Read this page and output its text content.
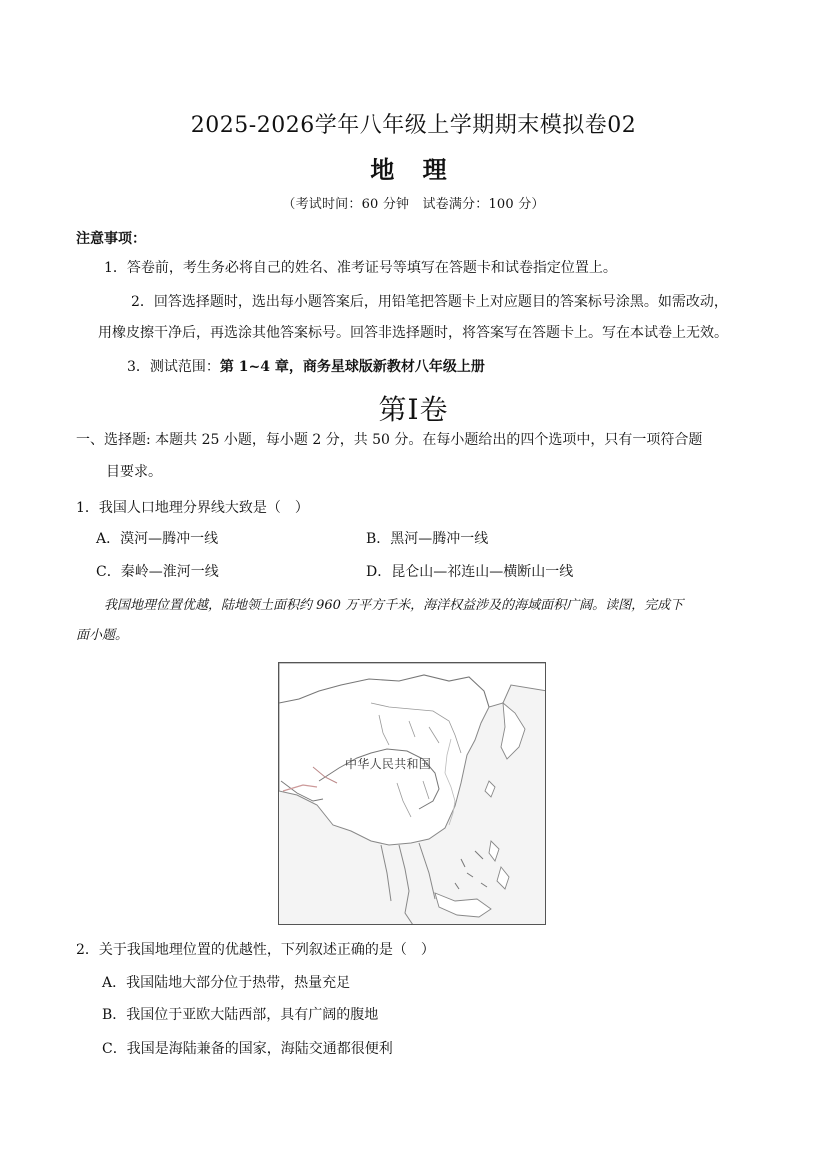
2025-2026学年八年级上学期期末模拟卷02
地 理
（考试时间：60 分钟　试卷满分：100 分）
注意事项：
1．答卷前，考生务必将自己的姓名、准考证号等填写在答题卡和试卷指定位置上。
2．回答选择题时，选出每小题答案后，用铅笔把答题卡上对应题目的答案标号涂黑。如需改动，
用橡皮擦干净后，再选涂其他答案标号。回答非选择题时，将答案写在答题卡上。写在本试卷上无效。
3．测试范围：第 1~4 章，商务星球版新教材八年级上册
第I卷
一、选择题: 本题共 25 小题，每小题 2 分，共 50 分。在每小题给出的四个选项中，只有一项符合题
目要求。
1．我国人口地理分界线大致是（　）
A．漠河—腾冲一线	B．黑河—腾冲一线
C．秦岭—淮河一线	D．昆仑山—祁连山—横断山一线
我国地理位置优越，陆地领土面积约 960 万平方千米，海洋权益涉及的海域面积广阔。读图，完成下
面小题。
中华人民共和国
2．关于我国地理位置的优越性，下列叙述正确的是（　）
A．我国陆地大部分位于热带，热量充足
B．我国位于亚欧大陆西部，具有广阔的腹地
C．我国是海陆兼备的国家，海陆交通都很便利
